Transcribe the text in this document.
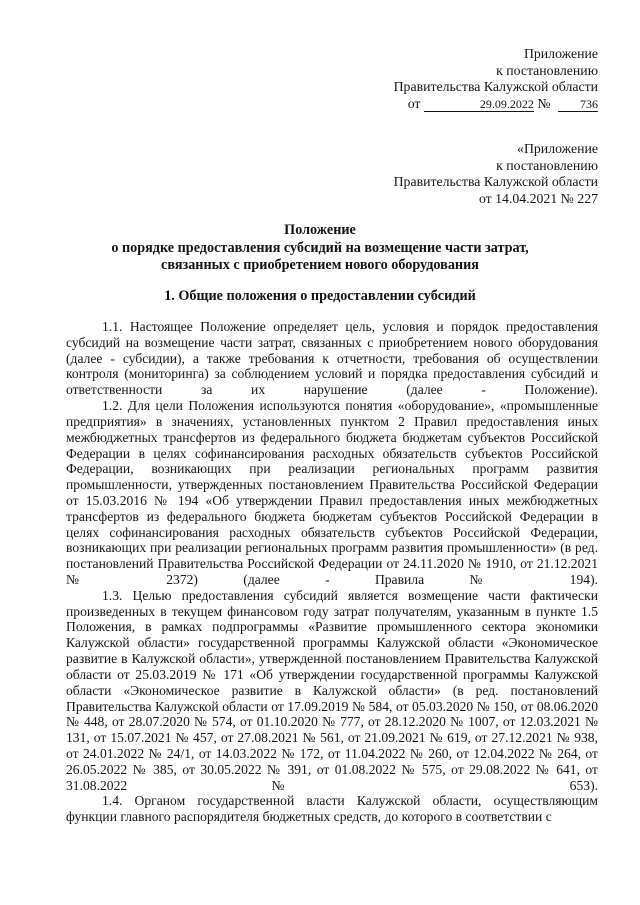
Приложение
к постановлению
Правительства Калужской области
от	29.09.2022 № 736
«Приложение
к постановлению
Правительства Калужской области
от 14.04.2021 № 227
Положение
о порядке предоставления субсидий на возмещение части затрат,
связанных с приобретением нового оборудования
1. Общие положения о предоставлении субсидий

1.1. Настоящее Положение определяет цель, условия и порядок предоставления субсидий на возмещение части затрат, связанных с приобретением нового оборудования (далее - субсидии), а также требования к отчетности, требования об осуществлении контроля (мониторинга) за соблюдением условий и порядка предоставления субсидий и ответственности за их нарушение (далее - Положение).

1.2. Для цели Положения используются понятия «оборудование», «промышленные предприятия» в значениях, установленных пунктом 2 Правил предоставления иных межбюджетных трансфертов из федерального бюджета бюджетам субъектов Российской Федерации в целях софинансирования расходных обязательств субъектов Российской Федерации, возникающих при реализации региональных программ развития промышленности, утвержденных постановлением Правительства Российской Федерации от 15.03.2016 № 194 «Об утверждении Правил предоставления иных межбюджетных трансфертов из федерального бюджета бюджетам субъектов Российской Федерации в целях софинансирования расходных обязательств субъектов Российской Федерации, возникающих при реализации региональных программ развития промышленности» (в ред. постановлений Правительства Российской Федерации от 24.11.2020 № 1910, от 21.12.2021 № 2372) (далее - Правила № 194).

1.3. Целью предоставления субсидий является возмещение части фактически произведенных в текущем финансовом году затрат получателям, указанным в пункте 1.5 Положения, в рамках подпрограммы «Развитие промышленного сектора экономики Калужской области» государственной программы Калужской области «Экономическое развитие в Калужской области», утвержденной постановлением Правительства Калужской области от 25.03.2019 № 171 «Об утверждении государственной программы Калужской области «Экономическое развитие в Калужской области» (в ред. постановлений Правительства Калужской области от 17.09.2019 № 584, от 05.03.2020 № 150, от 08.06.2020 № 448, от 28.07.2020 № 574, от 01.10.2020 № 777, от 28.12.2020 № 1007, от 12.03.2021 № 131, от 15.07.2021 № 457, от 27.08.2021 № 561, от 21.09.2021 № 619, от 27.12.2021 № 938, от 24.01.2022 № 24/1, от 14.03.2022 № 172, от 11.04.2022 № 260, от 12.04.2022 № 264, от 26.05.2022 № 385, от 30.05.2022 № 391, от 01.08.2022 № 575, от 29.08.2022 № 641, от 31.08.2022 № 653).

1.4. Органом государственной власти Калужской области, осуществляющим функции главного распорядителя бюджетных средств, до которого в соответствии с
